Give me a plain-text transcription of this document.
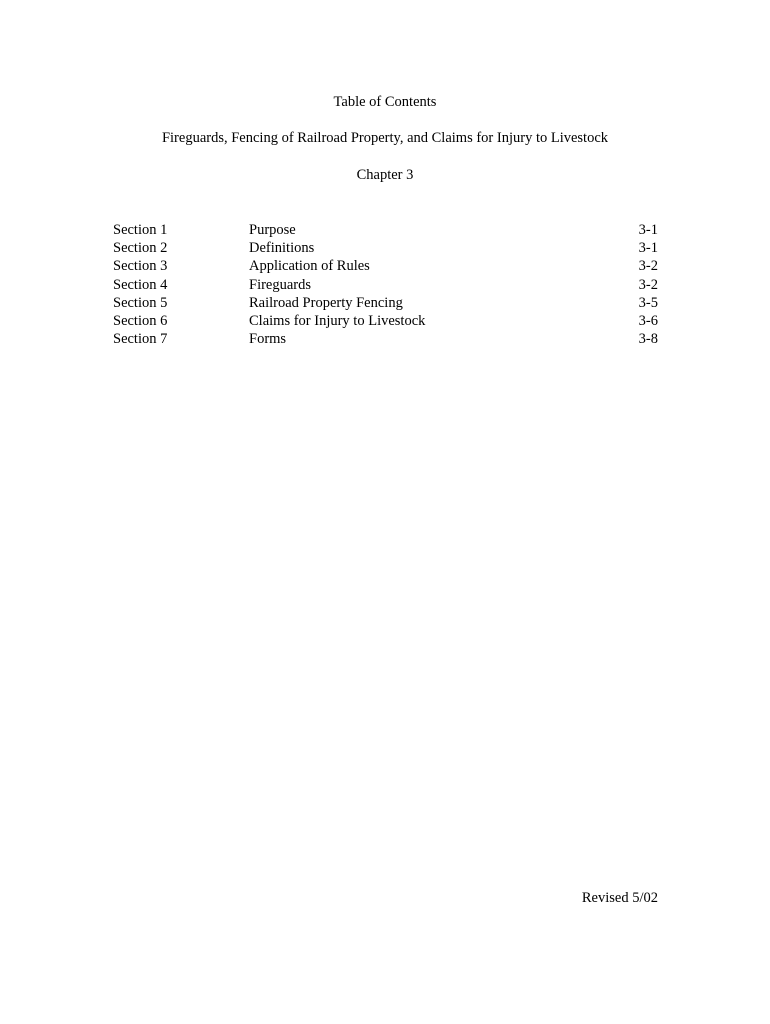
Table of Contents
Fireguards, Fencing of Railroad Property, and Claims for Injury to Livestock
Chapter 3
Section 1	Purpose	3-1
Section 2	Definitions	3-1
Section 3	Application of Rules	3-2
Section 4	Fireguards	3-2
Section 5	Railroad Property Fencing	3-5
Section 6	Claims for Injury to Livestock	3-6
Section 7	Forms	3-8
Revised 5/02
